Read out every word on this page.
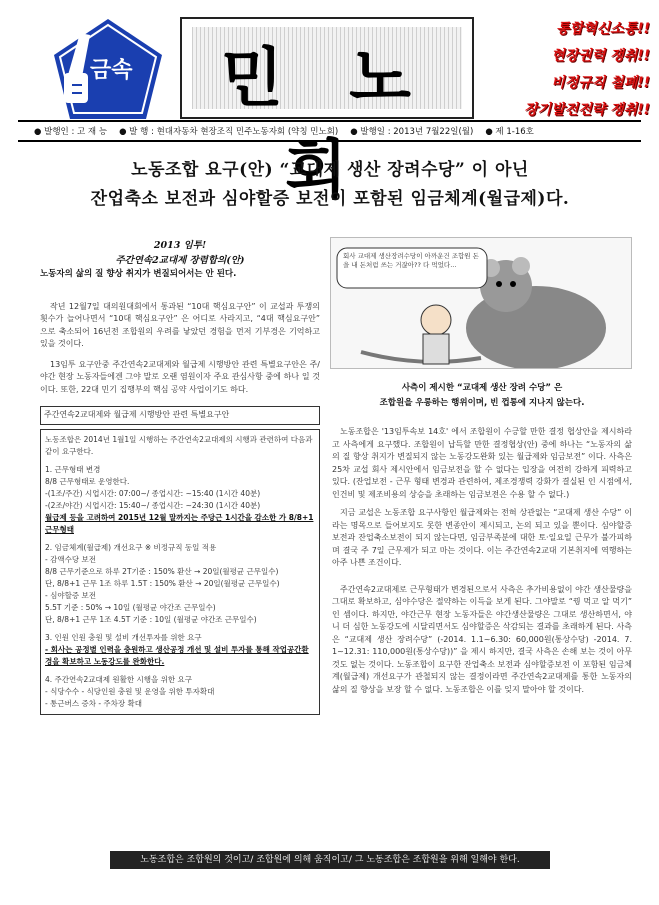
금속	민 노 회
통합혁신소통!!
현장권력 쟁취!!
비정규직 철폐!!
장기발전전략 쟁취!!
● 발행인 : 고 재 능 ● 발 행 : 현대자동차 현장조직 민주노동자회 (약칭 민노회) ● 발행일 : 2013년 7월22일(월) ● 제 1-16호
노동조합 요구(안) “교대제 생산 장려수당” 이 아닌
잔업축소 보전과 심야할증 보전이 포함된 임금체계(월급제)다.
2013 임투!
주간연속2교대제 장렴합의(안)
노동자의 삶의 질 향상 취지가 변질되어서는 안 된다.

작년 12월7일 대의원대회에서 통과된 “10대 핵심요구안” 이 교섭과 투쟁의 횟수가 늘어나면서 “10대 핵심요구안” 은 어디로 사라지고, “4대 핵심요구안” 으로 축소되어 16년전 조합원의 우려를 낳았던 경험을 먼저 기부경은 기억하고 있을 것이다.

13임투 요구안중 주간연속2교대제와 월급제 시행방안 관련 특별요구안은 주/야간 현장 노동자들에겐 그야 말로 오랜 염원이자 주요 관심사항 중에 하나 일 것이다. 또한, 22대 민기 집행부의 핵심 공약 사업이기도 하다.

주간연속2교대제와 월급제 시행방안 관련 특별요구안
노동조합은 2014년 1월1일 시행하는 주간연속2교대제의 시행과 관련하여 다음과 같이 요구한다.
1. 근무형태 변경
8/8 근무형태로 운영한다.
-(1조/주간) 시업시간: 07:00~/ 종업시간: ~15:40 (1시간 40분)
-(2조/야간) 시업시간: 15:40~/ 종업시간: ~24:30 (1시간 40분)
월급제 등을 고려하여 2015년 12월 말까지는 주당근 1시간을 감소한 가 8/8+1 근무형태
2. 임금체계(월급제) 개선요구 ※ 비정규직 동일 적용
- 감액수당 보전
8/8 근무기준으로 하루 2T기준 : 150% 환산 → 20일(월평균 근무일수)
단, 8/8+1 근무 1조 하루 1.5T : 150% 환산 → 20일(월평균 근무일수)
- 심야할증 보전
5.5T 기준 : 50% → 10일 (월평균 야간조 근무일수)
단, 8/8+1 근무 1조 4.5T 기준 : 10일 (월평균 야간조 근무일수)
3. 인원 인원 충원 및 설비 개선투자를 위한 요구
- 회사는 공정별 인력을 충원하고 생산공정 개선 및 설비 투자를 통해 작업공간환경을 확보하고 노동강도를 완화한다.
4. 주간연속2교대제 원활한 시행을 위한 요구
- 식당수수 - 식당인원 충원 및 운영을 위한 투자확대
- 통근버스 증차 - 주차장 확대
회사 교대제 생산장려수당이 아까운건 조합원 돈을 내 돈처럼 쓰는 거잖아?? 다 먹었다...
사측이 제시한 “교대제 생산 장려 수당” 은
조합원을 우롱하는 행위이며, 빈 껍통에 지나지 않는다.

노동조합은 '13임투속보 14호' 에서 조합원이 수긍할 만한 결정 협상안을 제시하라고 사측에게 요구했다. 조합원이 납득할 만한 결정협상(안) 중에 하나는 “노동자의 삶의 질 향상 취지가 변질되지 않는 노동강도완화 있는 월급제와 임금보전” 이다. 사측은 25차 교섭 회사 제시안에서 임금보전을 할 수 없다는 입장을 여전히 강하게 피력하고 있다. (잔업보전 - 근무 형태 변경과 관련하여, 제조경쟁력 강화가 결실된 인 시점에서, 인건비 및 제조비용의 상승을 초래하는 임금보전은 수용 할 수 없다.)

지금 교섭은 노동조합 요구사항인 월급제와는 전혀 상관없는 “교대제 생산 수당” 이라는 명목으로 들어보지도 못한 변종안이 제시되고, 논의 되고 있을 뿐이다. 심야할증보전과 잔업축소보전이 되지 않는다면, 임금부족분에 대한 토·일요일 근무가 불가피하며 결국 주 7일 근무제가 되고 마는 것이다. 이는 주간연속2교대 기본취지에 역행하는 아주 나쁜 조건이다.

주간연속2교대제로 근무형태가 변경된으로서 사측은 추가비용없이 야간 생산물량을 그대로 확보하고, 심야수당은 절약하는 이득을 보게 된다. 그야말로 “꿩 먹고 알 먹기” 인 셈이다. 하지만, 야간근무 현장 노동자들은 야간생산물량은 그대로 생산하면서, 야니 더 심한 노동강도에 시달리면서도 심야할증은 삭감되는 결과를 초래하게 된다. 사측은 “교대제 생산 장려수당” (-2014. 1.1~6.30: 60,000원(통상수당) -2014. 7. 1~12.31: 110,000원(통상수당))” 을 제시 하지만, 결국 사측은 손해 보는 것이 아무것도 없는 것이다. 노동조합이 요구한 잔업축소 보전과 심야할증보전 이 포함된 임금체계(월급제) 개선요구가 관철되지 않는 결정이라면 주간연속2교대제를 통한 노동자의 삶의 질 향상을 보장 할 수 없다. 노동조합은 이를 잊지 말아야 할 것이다.

노동조합은 조합원의 것이고/ 조합원에 의해 움직이고/ 그 노동조합은 조합원을 위해 일해야 한다.
